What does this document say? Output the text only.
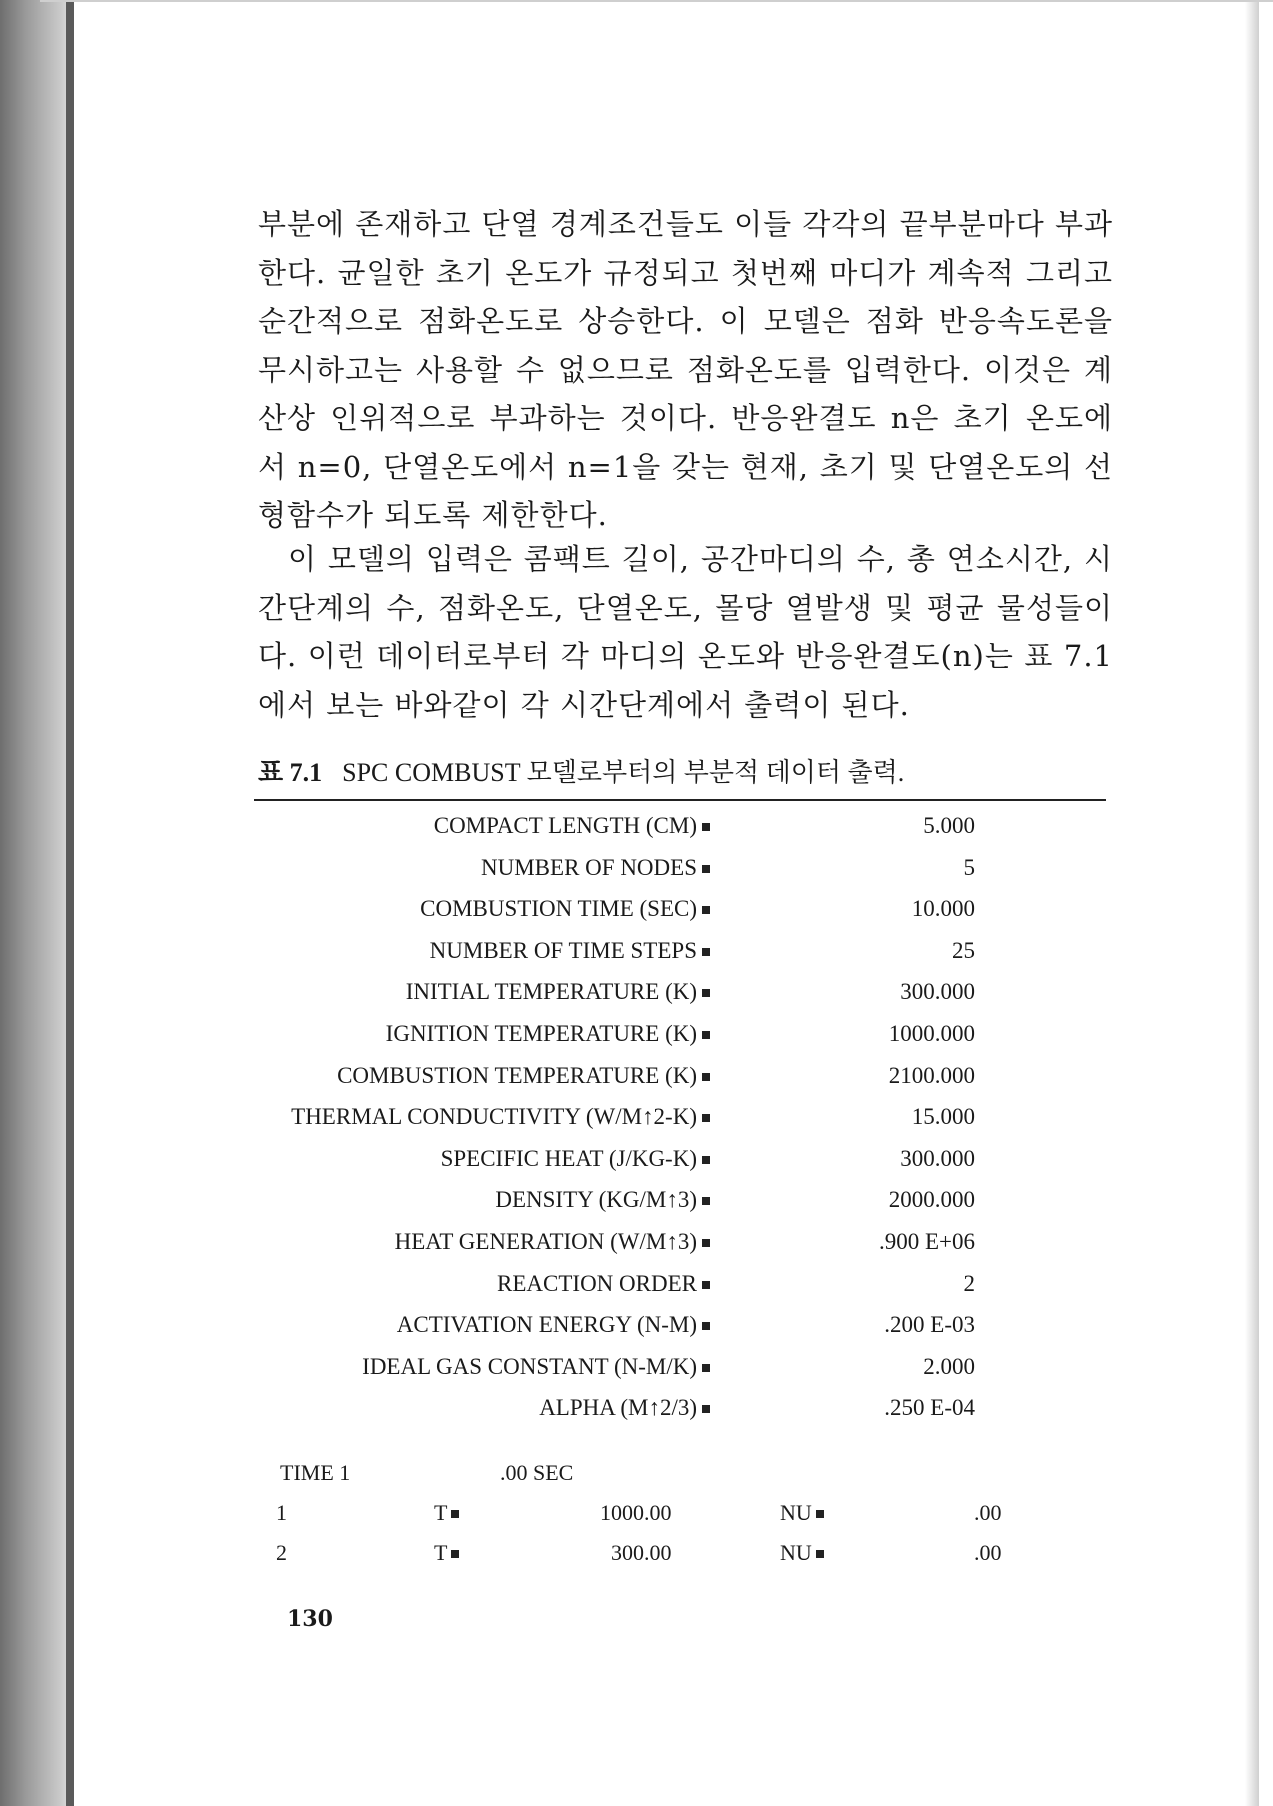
부분에 존재하고 단열 경계조건들도 이들 각각의 끝부분마다 부과한다. 균일한 초기 온도가 규정되고 첫번째 마디가 계속적 그리고 순간적으로 점화온도로 상승한다. 이 모델은 점화 반응속도론을 무시하고는 사용할 수 없으므로 점화온도를 입력한다. 이것은 계산상 인위적으로 부과하는 것이다. 반응완결도 n은 초기 온도에서 n=0, 단열온도에서 n=1을 갖는 현재, 초기 및 단열온도의 선형함수가 되도록 제한한다.
이 모델의 입력은 콤팩트 길이, 공간마디의 수, 총 연소시간, 시간단계의 수, 점화온도, 단열온도, 몰당 열발생 및 평균 물성들이다. 이런 데이터로부터 각 마디의 온도와 반응완결도(n)는 표 7.1에서 보는 바와같이 각 시간단계에서 출력이 된다.
표 7.1 SPC COMBUST 모델로부터의 부분적 데이터 출력.
COMPACT LENGTH (CM)	5.000
NUMBER OF NODES	5
COMBUSTION TIME (SEC)	10.000
NUMBER OF TIME STEPS	25
INITIAL TEMPERATURE (K)	300.000
IGNITION TEMPERATURE (K)	1000.000
COMBUSTION TEMPERATURE (K)	2100.000
THERMAL CONDUCTIVITY (W/M↑2-K)	15.000
SPECIFIC HEAT (J/KG-K)	300.000
DENSITY (KG/M↑3)	2000.000
HEAT GENERATION (W/M↑3)	.900 E+06
REACTION ORDER	2
ACTIVATION ENERGY (N-M)	.200 E-03
IDEAL GAS CONSTANT (N-M/K)	2.000
ALPHA (M↑2/3)	.250 E-04
TIME 1	.00 SEC
1	T	1000.00	NU	.00
2	T	300.00	NU	.00
130
